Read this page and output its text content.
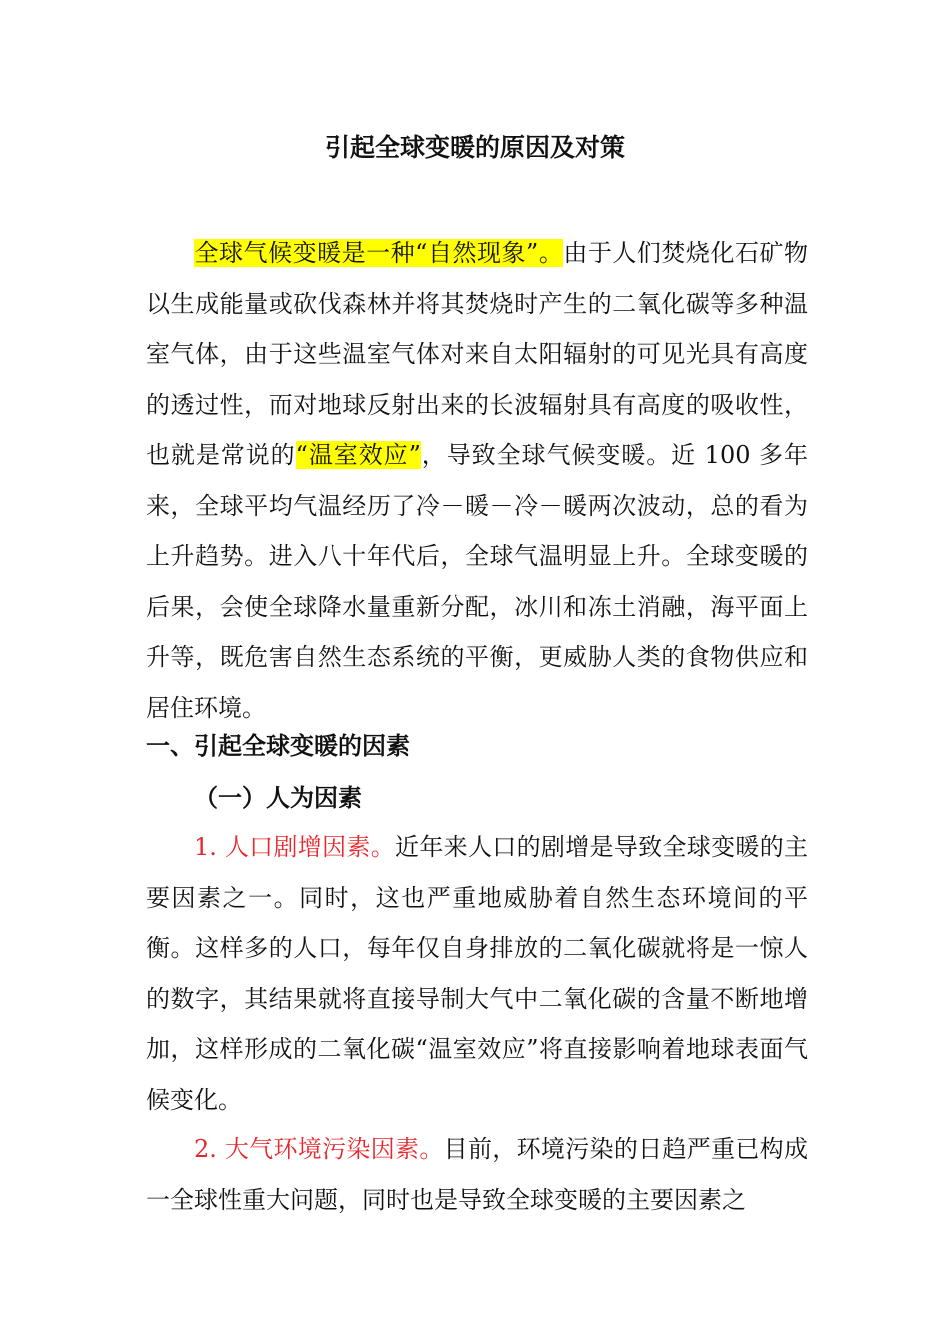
引起全球变暖的原因及对策

全球气候变暖是一种“自然现象”。由于人们焚烧化石矿物以生成能量或砍伐森林并将其焚烧时产生的二氧化碳等多种温室气体，由于这些温室气体对来自太阳辐射的可见光具有高度的透过性，而对地球反射出来的长波辐射具有高度的吸收性，也就是常说的“温室效应”，导致全球气候变暖。近 100 多年来，全球平均气温经历了冷－暖－冷－暖两次波动，总的看为上升趋势。进入八十年代后，全球气温明显上升。全球变暖的后果，会使全球降水量重新分配，冰川和冻土消融，海平面上升等，既危害自然生态系统的平衡，更威胁人类的食物供应和居住环境。

一、引起全球变暖的因素
（一）人为因素

1. 人口剧增因素。近年来人口的剧增是导致全球变暖的主要因素之一。同时，这也严重地威胁着自然生态环境间的平衡。这样多的人口，每年仅自身排放的二氧化碳就将是一惊人的数字，其结果就将直接导制大气中二氧化碳的含量不断地增加，这样形成的二氧化碳“温室效应”将直接影响着地球表面气候变化。

2. 大气环境污染因素。目前，环境污染的日趋严重已构成一全球性重大问题，同时也是导致全球变暖的主要因素之
